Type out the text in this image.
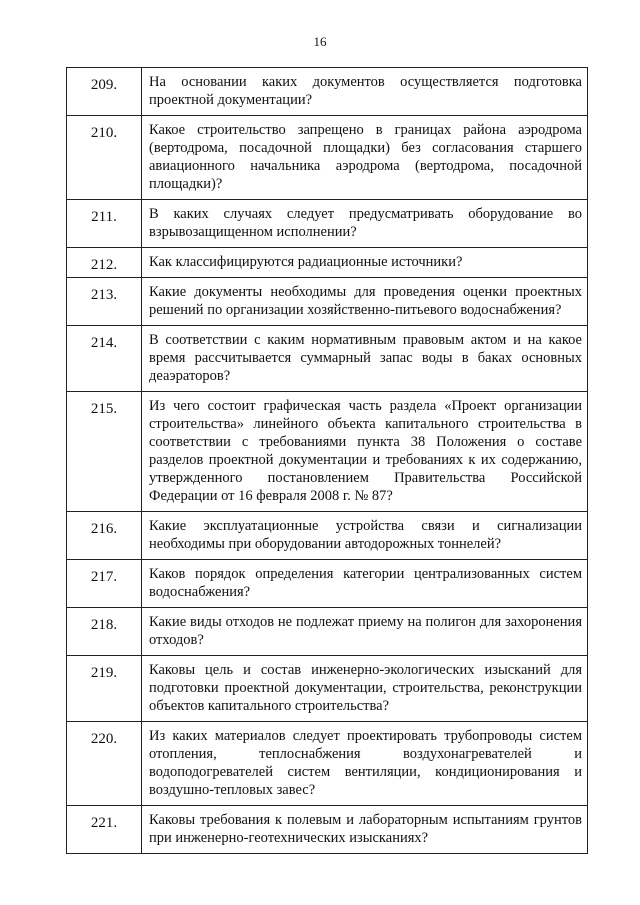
16
209.	На основании каких документов осуществляется подготовка проектной документации?
210.	Какое строительство запрещено в границах района аэродрома (вертодрома, посадочной площадки) без согласования старшего авиационного начальника аэродрома (вертодрома, посадочной площадки)?
211.	В каких случаях следует предусматривать оборудование во взрывозащищенном исполнении?
212.	Как классифицируются радиационные источники?
213.	Какие документы необходимы для проведения оценки проектных решений по организации хозяйственно-питьевого водоснабжения?
214.	В соответствии с каким нормативным правовым актом и на какое время рассчитывается суммарный запас воды в баках основных деаэраторов?
215.	Из чего состоит графическая часть раздела «Проект организации строительства» линейного объекта капитального строительства в соответствии с требованиями пункта 38 Положения о составе разделов проектной документации и требованиях к их содержанию, утвержденного постановлением Правительства Российской Федерации от 16 февраля 2008 г. № 87?
216.	Какие эксплуатационные устройства связи и сигнализации необходимы при оборудовании автодорожных тоннелей?
217.	Каков порядок определения категории централизованных систем водоснабжения?
218.	Какие виды отходов не подлежат приему на полигон для захоронения отходов?
219.	Каковы цель и состав инженерно-экологических изысканий для подготовки проектной документации, строительства, реконструкции объектов капитального строительства?
220.	Из каких материалов следует проектировать трубопроводы систем отопления, теплоснабжения воздухонагревателей и водоподогревателей систем вентиляции, кондиционирования и воздушно-тепловых завес?
221.	Каковы требования к полевым и лабораторным испытаниям грунтов при инженерно-геотехнических изысканиях?
